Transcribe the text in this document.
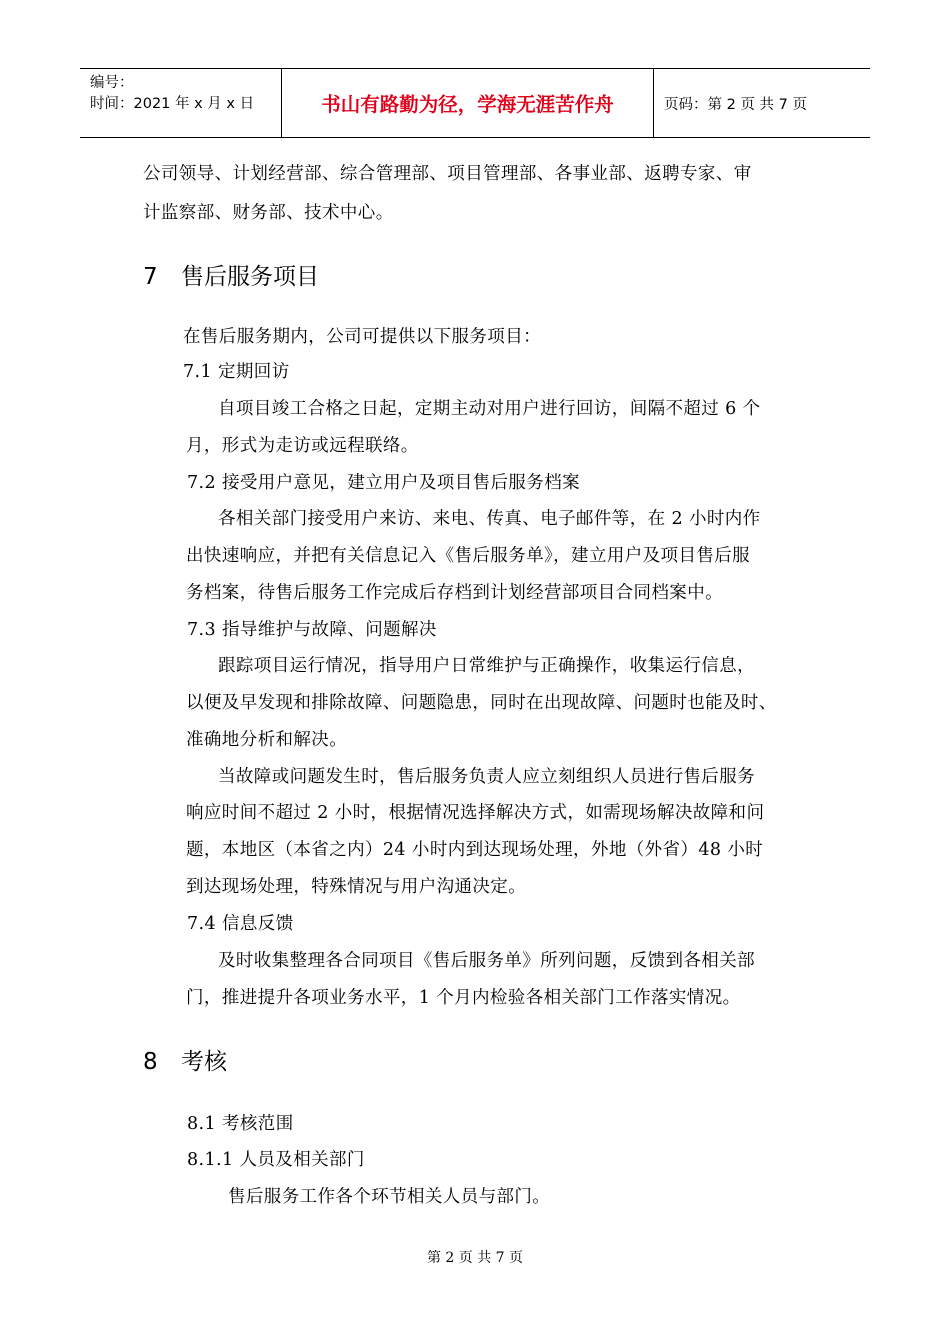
编号：
时间：2021 年 x 月 x 日	书山有路勤为径，学海无涯苦作舟	页码：第 2 页 共 7 页
公司领导、计划经营部、综合管理部、项目管理部、各事业部、返聘专家、审
计监察部、财务部、技术中心。
7 售后服务项目
在售后服务期内，公司可提供以下服务项目：
7.1 定期回访
自项目竣工合格之日起，定期主动对用户进行回访，间隔不超过 6 个
月，形式为走访或远程联络。
7.2 接受用户意见，建立用户及项目售后服务档案
各相关部门接受用户来访、来电、传真、电子邮件等，在 2 小时内作
出快速响应，并把有关信息记入《售后服务单》，建立用户及项目售后服
务档案，待售后服务工作完成后存档到计划经营部项目合同档案中。
7.3 指导维护与故障、问题解决
跟踪项目运行情况，指导用户日常维护与正确操作，收集运行信息，
以便及早发现和排除故障、问题隐患，同时在出现故障、问题时也能及时、
准确地分析和解决。
当故障或问题发生时，售后服务负责人应立刻组织人员进行售后服务
响应时间不超过 2 小时，根据情况选择解决方式，如需现场解决故障和问
题，本地区（本省之内）24 小时内到达现场处理，外地（外省）48 小时
到达现场处理，特殊情况与用户沟通决定。
7.4 信息反馈
及时收集整理各合同项目《售后服务单》所列问题，反馈到各相关部
门，推进提升各项业务水平，1 个月内检验各相关部门工作落实情况。
8 考核
8.1 考核范围
8.1.1 人员及相关部门
售后服务工作各个环节相关人员与部门。
第 2 页 共 7 页
